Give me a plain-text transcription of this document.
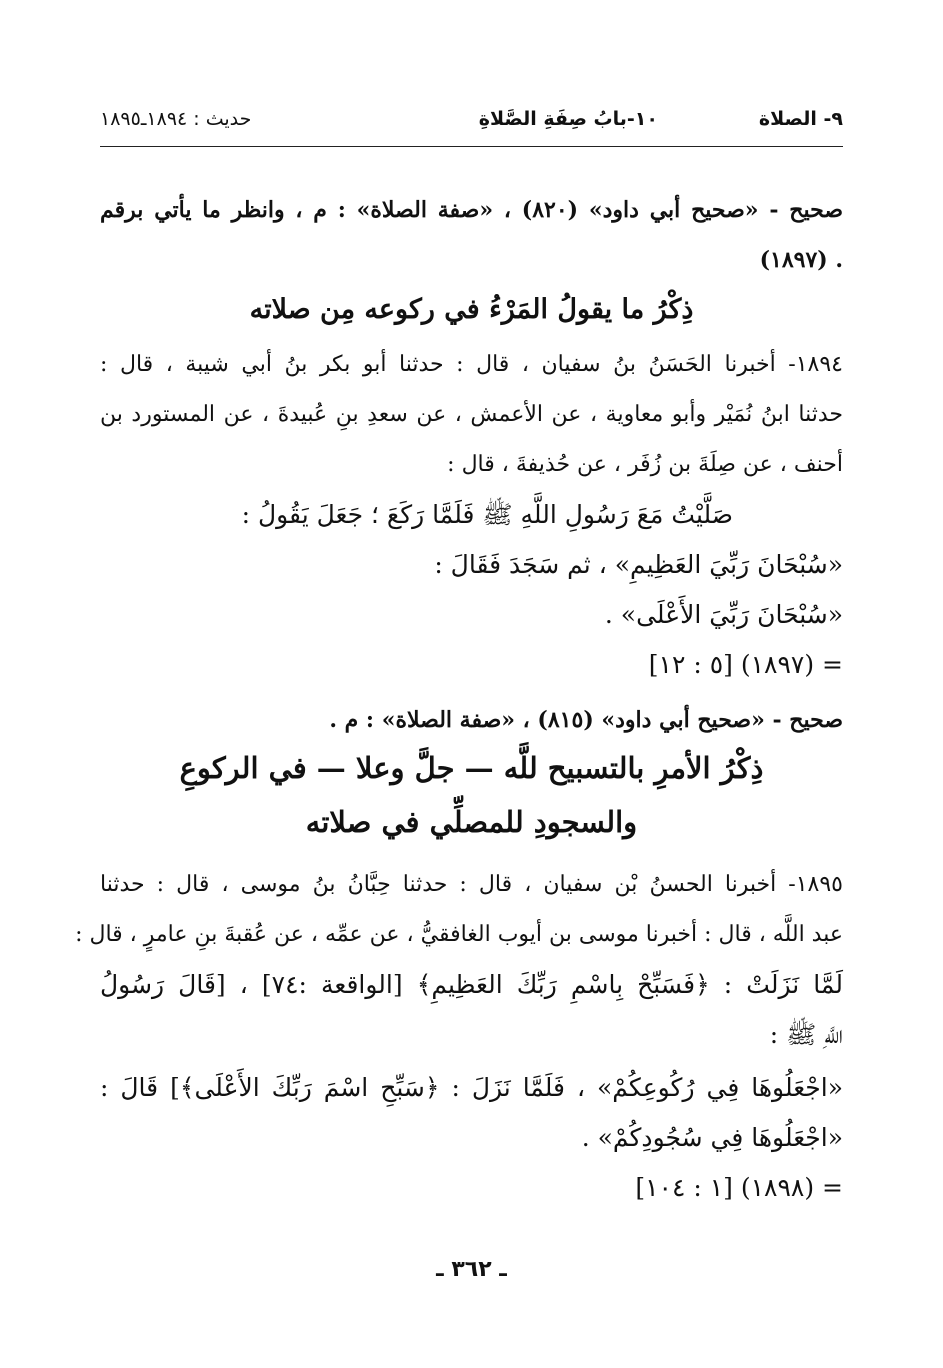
٩- الصلاة
١٠-بابُ صِفَةِ الصَّلاةِ
حديث : ١٨٩٤ـ١٨٩٥
صحيح - «صحيح أبي داود» (٨٢٠) ، «صفة الصلاة» : م ، وانظر ما يأتي برقم
. (١٨٩٧)
ذِكْرُ ما يقولُ المَرْءُ في ركوعه مِن صلاته
١٨٩٤- أخبرنا الحَسَنُ بنُ سفيان ، قال : حدثنا أبو بكر بنُ أبي شيبة ، قال :
حدثنا ابنُ نُمَيْر وأبو معاوية ، عن الأعمش ، عن سعدِ بنِ عُبيدةَ ، عن المستورد بن
أحنف ، عن صِلَةَ بن زُفَر ، عن حُذيفةَ ، قال :
صَلَّيْتُ مَعَ رَسُولِ اللَّهِ ﷺ فَلَمَّا رَكَعَ ؛ جَعَلَ يَقُولُ :
«سُبْحَانَ رَبِّيَ العَظِيمِ» ، ثم سَجَدَ فَقَالَ :
«سُبْحَانَ رَبِّيَ الأَعْلَى» .
= (١٨٩٧) [٥ : ١٢]
صحيح - «صحيح أبي داود» (٨١٥) ، «صفة الصلاة» : م .
ذِكْرُ الأمرِ بالتسبيح للَّه — جلَّ وعلا — في الركوعِ
والسجودِ للمصلِّي في صلاته
١٨٩٥- أخبرنا الحسنُ بْن سفيان ، قال : حدثنا حِبَّانُ بنُ موسى ، قال : حدثنا
عبد اللَّه ، قال : أخبرنا موسى بن أيوب الغافقيُّ ، عن عمِّه ، عن عُقبةَ بنِ عامرٍ ، قال :
لَمَّا نَزَلَتْ : ﴿فَسَبِّحْ بِاسْمِ رَبِّكَ العَظِيمِ﴾ [الواقعة :٧٤] ، [قَالَ رَسُولُ
اللَّهِ ﷺ :
«اجْعَلُوهَا فِي رُكُوعِكُمْ» ، فَلَمَّا نَزَلَ : ﴿سَبِّحِ اسْمَ رَبِّكَ الأَعْلَى﴾] قَالَ :
«اجْعَلُوهَا فِي سُجُودِكُمْ» .
= (١٨٩٨) [١ : ١٠٤]
ـ ٣٦٢ ـ
